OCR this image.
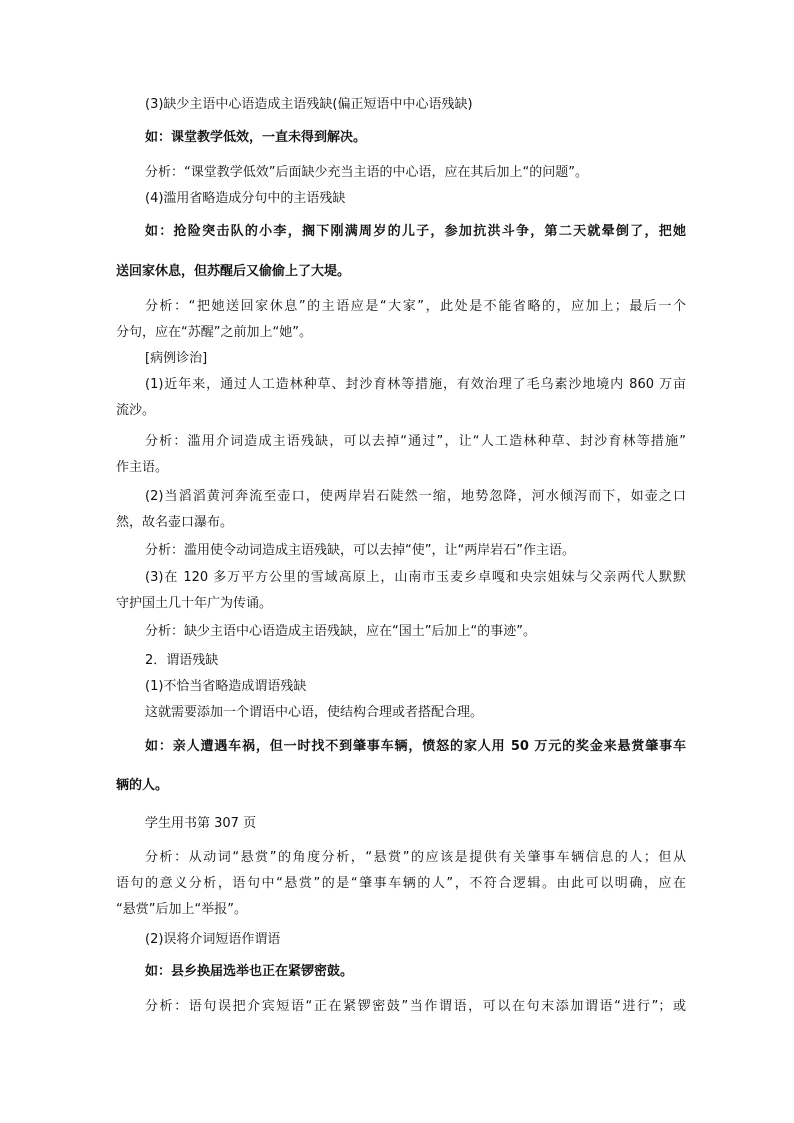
(3)缺少主语中心语造成主语残缺(偏正短语中中心语残缺)

如：课堂教学低效，一直未得到解决。

分析：“课堂教学低效”后面缺少充当主语的中心语，应在其后加上“的问题”。

(4)滥用省略造成分句中的主语残缺

如：抢险突击队的小李，搁下刚满周岁的儿子，参加抗洪斗争，第二天就晕倒了，把她

送回家休息，但苏醒后又偷偷上了大堤。

分析：“把她送回家休息”的主语应是“大家”，此处是不能省略的，应加上；最后一个

分句，应在“苏醒”之前加上“她”。

[病例诊治]

(1)近年来，通过人工造林种草、封沙育林等措施，有效治理了毛乌素沙地境内 860 万亩

流沙。

分析：滥用介词造成主语残缺，可以去掉“通过”，让“人工造林种草、封沙育林等措施”

作主语。

(2)当滔滔黄河奔流至壶口，使两岸岩石陡然一缩，地势忽降，河水倾泻而下，如壶之口

然，故名壶口瀑布。

分析：滥用使令动词造成主语残缺，可以去掉“使”，让“两岸岩石”作主语。

(3)在 120 多万平方公里的雪域高原上，山南市玉麦乡卓嘎和央宗姐妹与父亲两代人默默

守护国土几十年广为传诵。

分析：缺少主语中心语造成主语残缺，应在“国土”后加上“的事迹”。

2．谓语残缺

(1)不恰当省略造成谓语残缺

这就需要添加一个谓语中心语，使结构合理或者搭配合理。

如：亲人遭遇车祸，但一时找不到肇事车辆，愤怒的家人用 50 万元的奖金来悬赏肇事车

辆的人。

学生用书第 307 页

分析：从动词“悬赏”的角度分析，“悬赏”的应该是提供有关肇事车辆信息的人；但从

语句的意义分析，语句中“悬赏”的是“肇事车辆的人”，不符合逻辑。由此可以明确，应在

“悬赏”后加上“举报”。

(2)误将介词短语作谓语

如：县乡换届选举也正在紧锣密鼓。

分析：语句误把介宾短语“正在紧锣密鼓”当作谓语，可以在句末添加谓语“进行”；或
